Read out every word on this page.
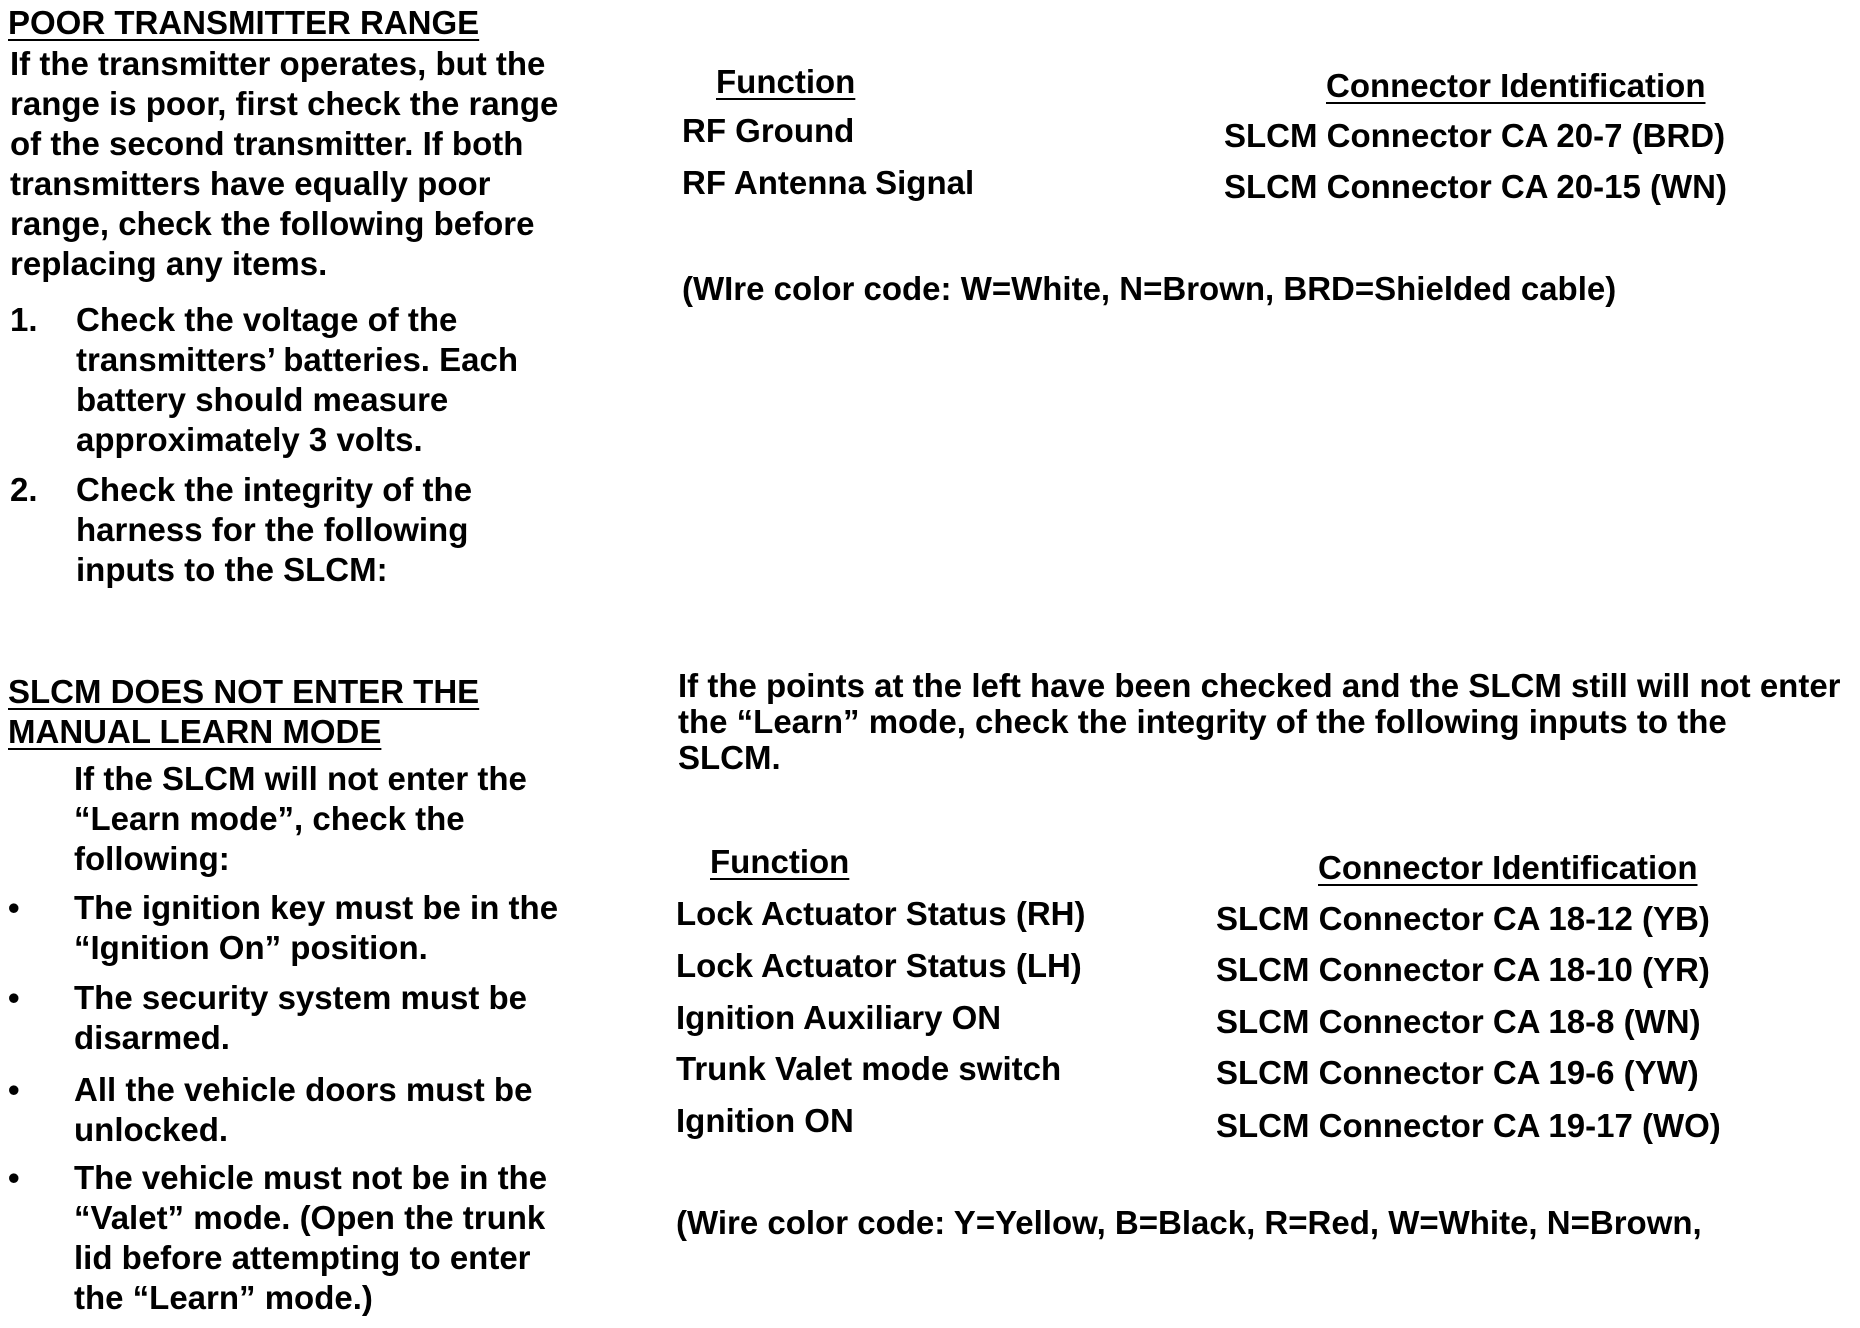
POOR TRANSMITTER RANGE
If the transmitter operates, but the
range is poor, first check the range
of the second transmitter. If both
transmitters have equally poor
range, check the following before
replacing any items.
1.	Check the voltage of the
transmitters’ batteries. Each
battery should measure
approximately 3 volts.
2.	Check the integrity of the
harness for the following
inputs to the SLCM:
Function	Connector Identification
RF Ground	SLCM Connector CA 20-7 (BRD)
RF Antenna Signal	SLCM Connector CA 20-15 (WN)
(WIre color code: W=White, N=Brown, BRD=Shielded cable)
SLCM DOES NOT ENTER THE
MANUAL LEARN MODE
If the SLCM will not enter the
“Learn mode”, check the
following:
•	The ignition key must be in the
“Ignition On” position.
•	The security system must be
disarmed.
•	All the vehicle doors must be
unlocked.
•	The vehicle must not be in the
“Valet” mode. (Open the trunk
lid before attempting to enter
the “Learn” mode.)
If the points at the left have been checked and the SLCM still will not enter
the “Learn” mode, check the integrity of the following inputs to the
SLCM.
Function	Connector Identification
Lock Actuator Status (RH)	SLCM Connector CA 18-12 (YB)
Lock Actuator Status (LH)	SLCM Connector CA 18-10 (YR)
Ignition Auxiliary ON	SLCM Connector CA 18-8 (WN)
Trunk Valet mode switch	SLCM Connector CA 19-6 (YW)
Ignition ON	SLCM Connector CA 19-17 (WO)
(Wire color code: Y=Yellow, B=Black, R=Red, W=White, N=Brown,
